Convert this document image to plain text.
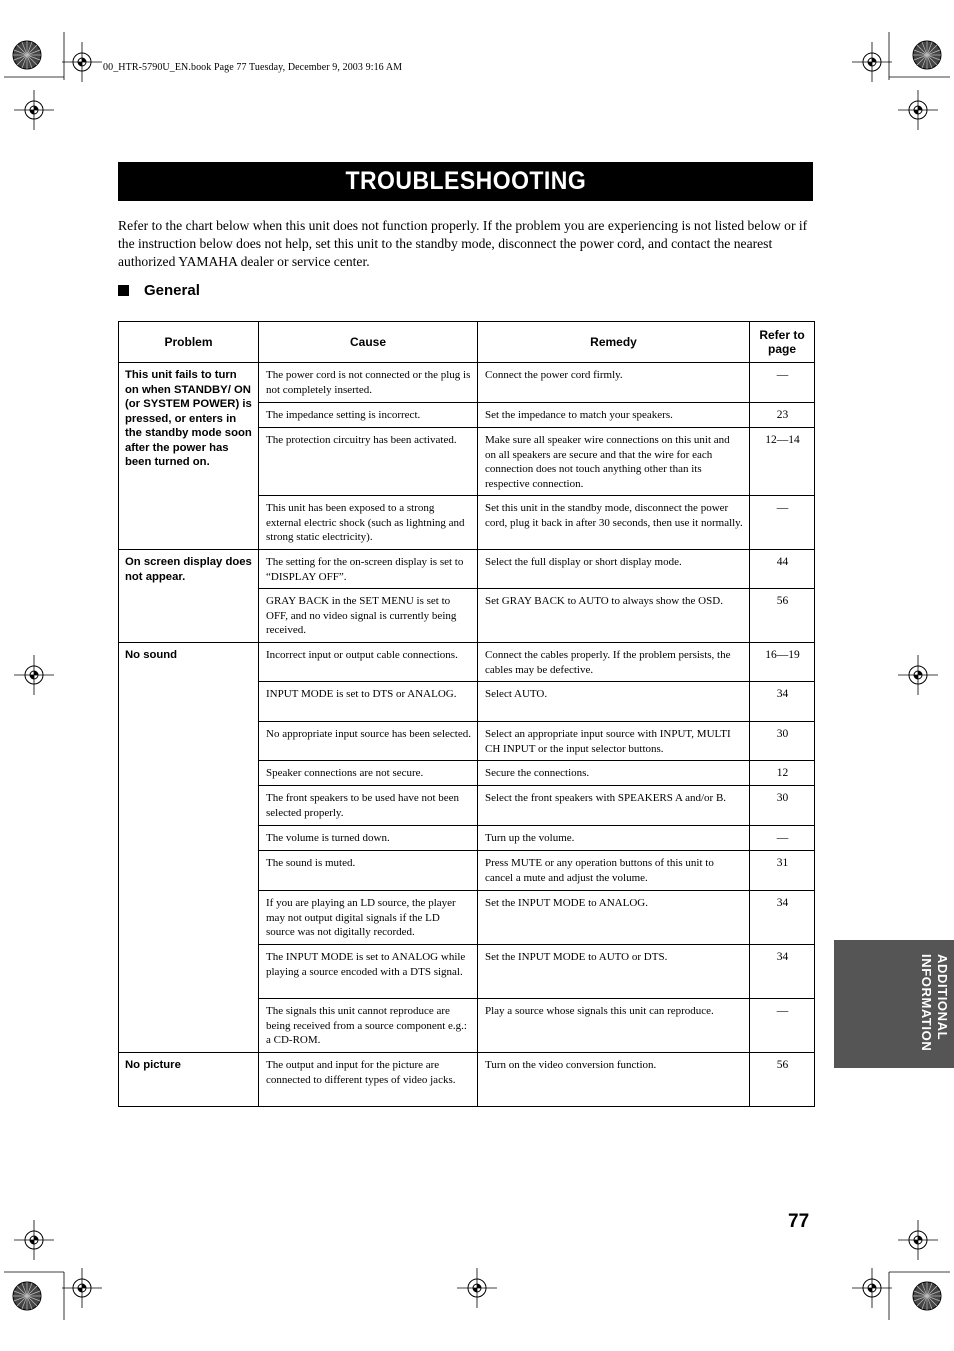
00_HTR-5790U_EN.book Page 77 Tuesday, December 9, 2003 9:16 AM
TROUBLESHOOTING
Refer to the chart below when this unit does not function properly. If the problem you are experiencing is not listed below or if the instruction below does not help, set this unit to the standby mode, disconnect the power cord, and contact the nearest authorized YAMAHA dealer or service center.
General
Problem	Cause	Remedy	Refer to page
This unit fails to turn on when STANDBY/ ON (or SYSTEM POWER) is pressed, or enters in the standby mode soon after the power has been turned on.	The power cord is not connected or the plug is not completely inserted.	Connect the power cord firmly.	—
	The impedance setting is incorrect.	Set the impedance to match your speakers.	23
	The protection circuitry has been activated.	Make sure all speaker wire connections on this unit and on all speakers are secure and that the wire for each connection does not touch anything other than its respective connection.	12—14
	This unit has been exposed to a strong external electric shock (such as lightning and strong static electricity).	Set this unit in the standby mode, disconnect the power cord, plug it back in after 30 seconds, then use it normally.	—
On screen display does not appear.	The setting for the on-screen display is set to “DISPLAY OFF”.	Select the full display or short display mode.	44
	GRAY BACK in the SET MENU is set to OFF, and no video signal is currently being received.	Set GRAY BACK to AUTO to always show the OSD.	56
No sound	Incorrect input or output cable connections.	Connect the cables properly. If the problem persists, the cables may be defective.	16—19
	INPUT MODE is set to DTS or ANALOG.	Select AUTO.	34
	No appropriate input source has been selected.	Select an appropriate input source with INPUT, MULTI CH INPUT or the input selector buttons.	30
	Speaker connections are not secure.	Secure the connections.	12
	The front speakers to be used have not been selected properly.	Select the front speakers with SPEAKERS A and/or B.	30
	The volume is turned down.	Turn up the volume.	—
	The sound is muted.	Press MUTE or any operation buttons of this unit to cancel a mute and adjust the volume.	31
	If you are playing an LD source, the player may not output digital signals if the LD source was not digitally recorded.	Set the INPUT MODE to ANALOG.	34
	The INPUT MODE is set to ANALOG while playing a source encoded with a DTS signal.	Set the INPUT MODE to AUTO or DTS.	34
	The signals this unit cannot reproduce are being received from a source component e.g.: a CD-ROM.	Play a source whose signals this unit can reproduce.	—
No picture	The output and input for the picture are connected to different types of video jacks.	Turn on the video conversion function.	56
ADDITIONAL
INFORMATION
77
